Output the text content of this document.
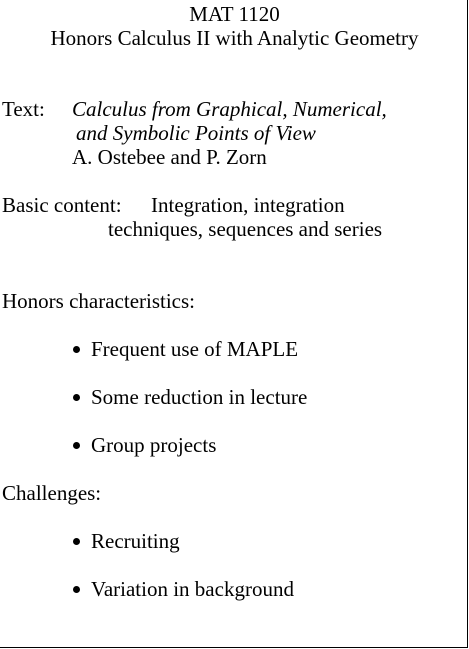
MAT 1120
Honors Calculus II with Analytic Geometry
Text: Calculus from Graphical, Numerical,
and Symbolic Points of View
A. Ostebee and P. Zorn
Basic content: Integration, integration
techniques, sequences and series
Honors characteristics:
Frequent use of MAPLE
Some reduction in lecture
Group projects
Challenges:
Recruiting
Variation in background
